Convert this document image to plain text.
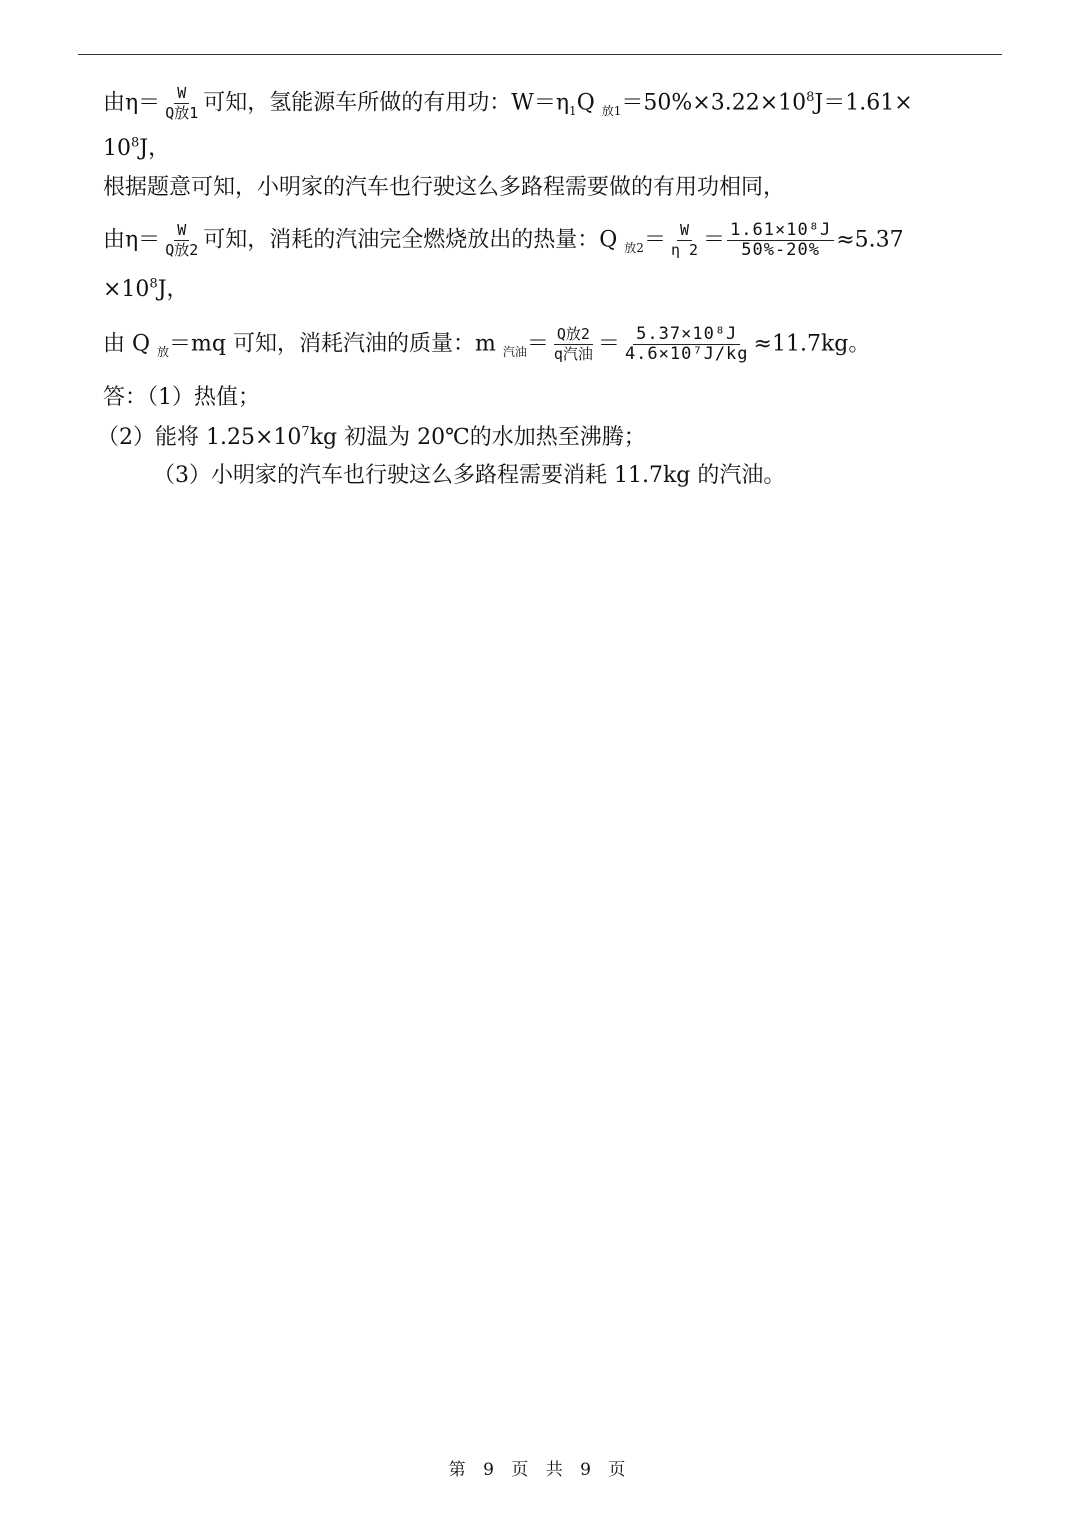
由$\eta= \frac{W}{\text{Q放1}}$ 可知，氢能源车所做的有用功：$W=\eta_1Q$ $_{放1}=50\%\times 3.22\times 10^8J=1.61\times$
$10^8J$，
根据题意可知，小明家的汽车也行驶这么多路程需要做的有用功相同，
由$\eta= \frac{W}{\text{Q放2}}$ 可知，消耗的汽油完全燃烧放出的热量：Q $_{放2}= \frac{W}{\eta 2} = \frac{\text{1.61×10⁸J}}{50\%-20\%} \approx 5.37$
$\times 10^8J$，
由 Q $_放$＝mq 可知，消耗汽油的质量：m $_{汽油}= \frac{\text{Q放2}}{\text{q汽油}} = \frac{\text{5.37×10⁸J}}{\text{4.6×10⁷J/kg}} \approx 11.7kg$。
答：（1）热值；
（2）能将 $1.25\times 10^7kg$ 初温为 20℃的水加热至沸腾；
（3）小明家的汽车也行驶这么多路程需要消耗 11.7kg 的汽油。
第 9 页 共 9 页
